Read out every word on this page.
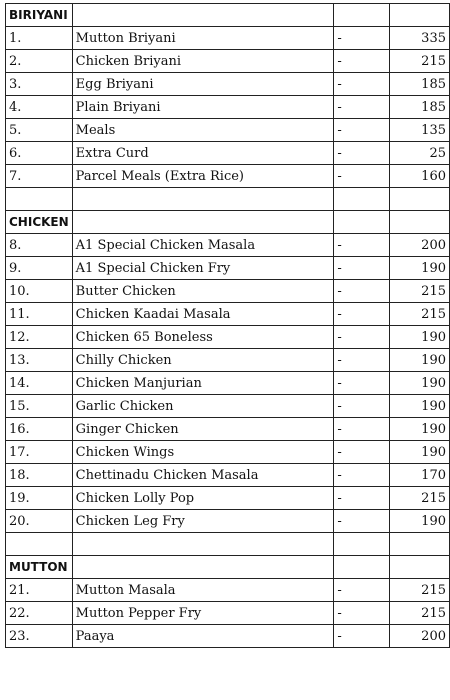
BIRIYANI			
1.	Mutton Briyani	-	335
2.	Chicken Briyani	-	215
3.	Egg Briyani	-	185
4.	Plain Briyani	-	185
5.	Meals	-	135
6.	Extra Curd	-	25
7.	Parcel Meals (Extra Rice)	-	160

CHICKEN			
8.	A1 Special Chicken Masala	-	200
9.	A1 Special Chicken Fry	-	190
10.	Butter Chicken	-	215
11.	Chicken Kaadai Masala	-	215
12.	Chicken 65 Boneless	-	190
13.	Chilly Chicken	-	190
14.	Chicken Manjurian	-	190
15.	Garlic Chicken	-	190
16.	Ginger Chicken	-	190
17.	Chicken Wings	-	190
18.	Chettinadu Chicken Masala	-	170
19.	Chicken Lolly Pop	-	215
20.	Chicken Leg Fry	-	190

MUTTON			
21.	Mutton Masala	-	215
22.	Mutton Pepper Fry	-	215
23.	Paaya	-	200
